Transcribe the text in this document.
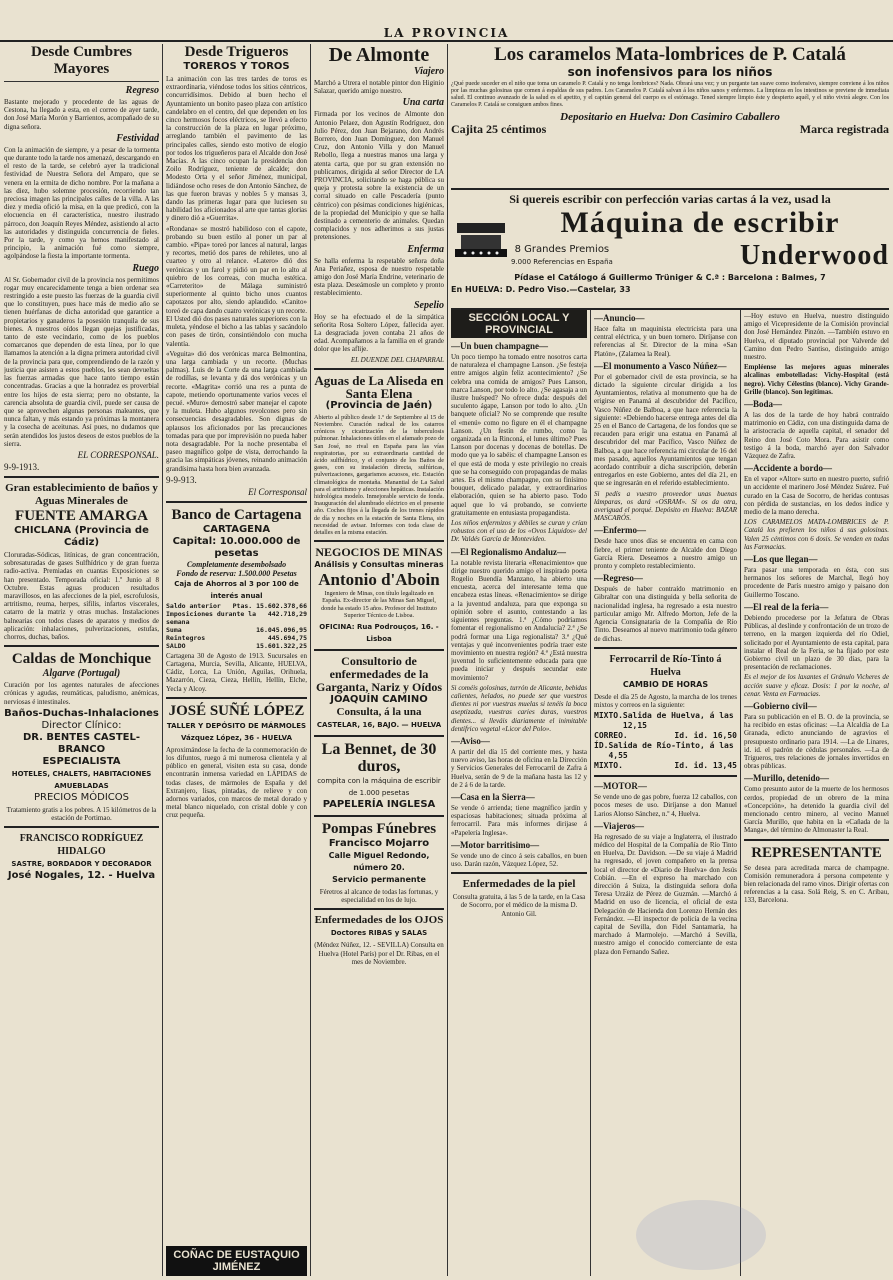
LA PROVINCIA
Desde Cumbres Mayores
Regreso

Bastante mejorado y procedente de las aguas de Cestona, ha llegado a esta, en el correo de ayer tarde, don José María Morón y Barrientos, acompañado de su digna señora.

Festividad

Con la animación de siempre, y a pesar de la tormenta que durante todo la tarde nos amenazó, descargando en el resto de la tarde, se celebró ayer la tradicional festividad de Nuestra Señora del Amparo, que se venera en la ermita de dicho nombre. Por la mañana a las diez, hubo solemne procesión, recorriendo tan preciosa imagen las principales calles de la villa. A las diez y media ofició la misa, en la que predicó, con la elocuencia en él característica, nuestro ilustrado párroco, don Joaquín Reyes Méndez, asistiendo al acto las autoridades y distinguida concurrencia de fieles. Por la tarde, y como ya hemos manifestado al principio, la animación fué como siempre, agolpándose la fiesta la importante tormenta.

Ruego

Al Sr. Gobernador civil de la provincia nos permitimos rogar muy encarecidamente tenga a bien ordenar sea restringido a este puesto las fuerzas de la guardia civil que lo constituyen, pues hace más de medio año se tienen huérfanas de dicha autoridad que garantice a propietarios y ganaderos la posesión tranquila de sus bienes. A nuestros oídos llegan quejas justificadas, tanto de este vecindario, como de los pueblos comarcanos que dependen de esta línea, por lo que llamamos la atención a la digna primera autoridad civil de la provincia para que, comprendiendo de la razón y justicia que asisten a estos pueblos, les sean devueltas las fuerzas armadas que hace tanto tiempo están concentradas. Gracias a que la honradez es proverbial entre los hijos de esta sierra; pero no obstante, la carencia absoluta de guardia civil, puede ser causa de que se aprovechen algunas personas maleantes, que nunca faltan, y más estando ya próximas la montanera y la cosecha de aceitunas. Así pues, no dudamos que serán atendidos los justos deseos de estos pueblos de la sierra.

EL CORRESPONSAL.
9-9-1913.
Gran establecimiento de baños y Aguas Minerales de
FUENTE AMARGA
CHICLANA (Provincia de Cádiz)

Cloruradas-Sódicas, litínicas, de gran concentración, sobresaturadas de gases Sulfhídrico y de gran fuerza radio-activa. Premiadas en cuantas Exposiciones se han presentado. Temporada oficial: 1.º Junio al 8 Octubre. Estas aguas producen resultados maravillosos, en las afecciones de la piel, escrofulosis, artritismo, reuma, herpes, sífilis, infartos viscerales, catarro de la matriz y otras muchas. Instalaciones balnearias con todos clases de aparatos y medios de aplicación: inhalaciones, pulverizaciones, estufas, chorros, duchas, baños.

Caldas de Monchique
Algarve (Portugal)

Curación por los agentes naturales de afecciones crónicas y agudas, reumáticas, paludismo, anémicas, nerviosas é intestinales.

Baños-Duchas-Inhalaciones
Director Clínico:
DR. BENTES CASTEL-BRANCO
ESPECIALISTA
HOTELES, CHALETS, HABITACIONES AMUEBLADAS
PRECIOS MÓDICOS

Tratamiento gratis a los pobres. A 15 kilómetros de la estación de Portimao.

FRANCISCO RODRÍGUEZ HIDALGO
SASTRE, BORDADOR Y DECORADOR
José Nogales, 12. - Huelva
Desde Trigueros
TOREROS Y TOROS

La animación con las tres tardes de toros es extraordinaria, viéndose todos los sitios céntricos, concurridísimos. Debido al buen hecho el Ayuntamiento un bonito paseo plaza con artístico candelabro en el centro, del que dependen en los cinco hermosos focos eléctricos, se llevó a efecto la construcción de la plaza en lugar próximo, arreglando también el pavimento de las principales calles, siendo esto motivo de elogio por todos los trigueñeros para el Alcalde don José Macías. A las cinco ocupan la presidencia don Zoilo Rodríguez, teniente de alcalde; don Modesto Orta y el señor Jiménez, municipal, lidiándose ocho reses de don Antonio Sánchez, de las que fueron bravas y nobles 5 y mansas 3, dando las primeras lugar para que luciesen su habilidad los aficionados al arte que tantas glorias y dinero dió a «Guerrita».

«Rondana» se mostró habilidoso con el capote, probando su buen estilo al poner un par al cambio. «Pipa» toreó por lances al natural, largas y recortes, metió dos pares de rehiletes, uno al cuarteo y otro al relance. «Latero» dió dos verónicas y un farol y pidió un par en lo alto al quiebro de los correas, con mucha estética. «Carreterito» de Málaga suministró superiormente al quinto bicho unos cuantos capotazos por alto, siendo aplaudido. «Canito» toreó de capa dando cuatro verónicas y un recorte. El Usted dió dos pases naturales superiores con la muleta, yéndose el bicho a las tablas y sacándolo con pases de tirón, consintiéndolo con mucha valentía.

«Veguita» dió dos verónicas marca Belmontina, una larga cambiada y un recorte. (Muchas palmas). Luis de la Corte da una larga cambiada de rodillas, se levanta y dá dos verónicas y un recorte. «Magrita» corrió una res a punta de capote, metiendo oportunamente varios veces el pecué. «Muro» demostró saber manejar el capote y la muleta. Hubo algunos revolcones pero sin consecuencias desagradables. Son dignas de aplausos los aficionados por las precauciones tomadas para que por imprevisión no pueda haber nota desagradable. Por la noche presentaba el paseo magnífico golpe de vista, derrochando la gracia las simpáticas jóvenes, reinando animación grandísima hasta hora bien avanzada.

9-9-913.
El Corresponsal
Banco de Cartagena
CARTAGENA
Capital: 10.000.000 de pesetas
Completamente desembolsado
Fondo de reserva: 1.500.000 Pesetas
Caja de Ahorros al 3 por 100 de interés anual
Saldo anterior Ptas. 15.602.378,66
Imposiciones durante la semana
442.718,29
Suma	16.045.096,95
Reintegros	445.694,75
SALDO	15.601.322,25

Cartagena 30 de Agosto de 1913. Sucursales en Cartagena, Murcia, Sevilla, Alicante, HUELVA, Cádiz, Lorca, La Unión, Aguilas, Orihuela, Mazarrón, Cieza, Cieza, Hellín, Hellín, Elche, Yecla y Alcoy.

JOSÉ SUÑÉ LÓPEZ
TALLER Y DEPÓSITO DE MÁRMOLES
Vázquez López, 36 - HUELVA

Aproximándose la fecha de la conmemoración de los difuntos, ruego á mi numerosa clientela y al público en general, visiten esta su casa, donde encontrarán inmensa variedad en LÁPIDAS de todas clases, de mármoles de España y del Extranjero, lisas, pintadas, de relieve y con adornos variados, con marcos de metal dorado y metal blanco niquelado, con cristal doble y con cruz pequeña.

COÑAC DE EUSTAQUIO JIMÉNEZ
De Almonte
Viajero

Marchó a Utrera el notable pintor don Higinio Salazar, querido amigo nuestro.

Una carta

Firmada por los vecinos de Almonte don Antonio Pelaez, don Agustín Rodríguez, don Julio Pérez, don Juan Bejarano, don Andrés Borrero, don Juan Domínguez, don Manuel Cruz, don Antonio Villa y don Manuel Rebollo, llega a nuestras manos una larga y atenta carta, que por su gran extensión no publicamos, dirigida al señor Director de LA PROVINCIA, solicitando se haga pública su queja y protesta sobre la existencia de un corral situado en calle Pescadería (punto céntrico) con pésimas condiciones higiénicas, de la propiedad del Municipio y que se halla destinado a cementerio de animales. Quedan complacidos y nos adherimos a sus justas pretensiones.

Enferma

Se halla enferma la respetable señora doña Ana Periañez, esposa de nuestro respetable amigo don José María Endrine, veterinario de esta plaza. Deseámosle un completo y pronto restablecimiento.

Sepelio

Hoy se ha efectuado el de la simpática señorita Rosa Soltero López, fallecida ayer. La desgraciada joven contaba 21 años de edad. Acompañamos a la familia en el grande dolor que les aflije.

EL DUENDE DEL CHAPARRAL
Aguas de La Aliseda en Santa Elena
(Provincia de Jaén)

Abierto al público desde 1.º de Septiembre al 15 de Noviembre. Curación radical de los catarros crónicos y cicatrización de la tuberculosis pulmonar. Inhalaciones útiles en el afamado pozo de San José, no rival en España para las vías respiratorias, por su extraordinaria cantidad de ácido sulfhídrico, y el conjunto de los Baños de gases, con su instalación directa, sulfúricas, pulverizaciones, gargarismos acuosos, etc. Estación climatológica de montaña. Manantial de La Salud para el artritismo y afecciones hepáticas. Instalación hidrológica modelo. Inmejorable servicio de fonda. Inauguración del alumbrado eléctrico en el presente año. Coches fijos á la llegada de los trenes rápidos de día y noches en la estación de Santa Elena, sin necesidad de avisar. Informes con toda clase de detalles en la misma estación.

NEGOCIOS DE MINAS
Análisis y Consultas mineras
Antonio d'Aboin

Ingeniero de Minas, con título legalizado en España. Ex-director de las Minas San Miguel, donde ha estado 15 años. Profesor del Instituto Superior Técnico de Lisboa.

OFICINA: Rua Podrouços, 16. - Lisboa
Consultorio de enfermedades de la Garganta, Nariz y Oídos
JOAQUÍN CAMINO
Consulta, á la una
CASTELAR, 16, BAJO. — HUELVA
La Bennet, de 30 duros,
compita con la máquina de escribir de 1.000 pesetas
PAPELERÍA INGLESA
Pompas Fúnebres
Francisco Mojarro
Calle Miguel Redondo, número 20.
Servicio permanente

Féretros al alcance de todas las fortunas, y especialidad en los de lujo.

Enfermedades de los OJOS
Doctores RIBAS y SALAS

(Méndez Núñez, 12. - SEVILLA) Consulta en Huelva (Hotel París) por el Dr. Ribas, en el mes de Noviembre.

Los caramelos Mata-lombrices de P. Catalá
son inofensivos para los niños

¿Qué puede suceder en el niño que toma un caramelo P. Catalá y no tenga lombrices? Nada. Obrará una vez; y un purgante tan suave como inofensivo, siempre conviene á los niños por las muchas golosinas que comen á espaldas de sus padres. Los Caramelos P. Catalá salvan á los niños sanos y enfermos. La limpieza en los intestinos se previene de inmediata salud. El continuo avanzado de la salud es el apetito, y el capitán general del cuerpo es el estómago. Tened siempre limpio éste y despierto aquél, y el niño vivirá alegre. Con los Caramelos P. Catalá se consiguen ambos fines.

Depositario en Huelva: Don Casimiro Caballero
Cajita 25 céntimos	Marca registrada
Si quereis escribir con perfección varias cartas á la vez, usad la
Máquina de escribir
8 Grandes Premios
9.000 Referencias en España	Underwood
Pídase el Catálogo á Guillermo Trüniger & C.ª : Barcelona : Balmes, 7
En HUELVA: D. Pedro Viso.—Castelar, 33
SECCIÓN LOCAL Y PROVINCIAL
—Un buen champagne—

Un poco tiempo ha tomado entre nosotros carta de naturaleza el champagne Lanson. ¿Se festeja entre amigos algún feliz acontecimiento? ¿Se celebra una comida de amigos? Pues Lanson, marca Lanson, por todo lo alto. ¿Se agasaja a un ilustre huésped? No ofrece duda: después del suculento ágape, Lanson por todo lo alto. ¿Un banquete oficial? No se comprende que resulte el «menú» como no figure en él el champagne Lanson. ¿Un festín de rumbo, como la organizada en la Rinconá, el lunes último? Pues Lanson por docenas y docenas de botellas. De modo que ya lo sabéis: el champagne Lanson es el que está de moda y este privilegio no creais que se ha conseguido con propagandas de malas artes. Es el mismo champagne, con su finísimo bouquet, delicado paladar, y extraordinarios elaboración, quien se ha abierto paso. Todo aquel que lo vá probando, se convierte gratuitamente en entusiasta propagandista.

Los niños enfermizos y débiles se curan y crían robustos con el uso de los «Ovos Liquidos» del Dr. Valdés García de Montevideo.

—El Regionalismo Andaluz—

La notable revista literaria «Renacimiento» que dirige nuestro querido amigo el inspirado poeta Rogelio Buendía Manzano, ha abierto una encuesta, acerca del interesante tema que encabeza estas líneas. «Renacimiento» se dirige a la juventud andaluza, para que exponga su opinión sobre el asunto, contestando a las siguientes preguntas. 1.ª ¿Cómo podríamos fomentar el regionalismo en Andalucía? 2.ª ¿Se podrá formar una Liga regionalista? 3.ª ¿Qué ventajas y qué inconvenientes podría traer este movimiento en nuestra región? 4.ª ¿Está nuestra juventud lo suficientemente educada para que pueda iniciar y después secundar este movimiento?

Si coméis golosinas, turrón de Alicante, bebidas calientes, helados, no puede ser que vuestros dientes ni por vuestras muelas si tenéis la boca aseptizada, vuestras caries duras, vuestros dientes... si lleváis diariamente el inimitable dentífrico vegetal «Licor del Polo».

—Aviso—

A partir del día 15 del corriente mes, y hasta nuevo aviso, las horas de oficina en la Dirección y Servicios Generales del Ferrocarril de Zafra á Huelva, serán de 9 de la mañana hasta las 12 y de 2 á 6 de la tarde.

—Casa en la Sierra—

Se vende ó arrienda; tiene magnífico jardín y espaciosas habitaciones; situada próxima al ferrocarril. Para más informes dirijase á «Papelería Inglesa».

—Motor barritisimo—

Se vende uno de cinco á seis caballos, en buen uso. Darán razón, Vázquez López, 52.

Enfermedades de la piel

Consulta gratuita, á las 5 de la tarde, en la Casa de Socorro, por el médico de la misma D. Antonio Gil.

—Anuncio—

Hace falta un maquinista electricista para una central eléctrica, y un buen tornero. Diríjanse con referencias al Sr. Director de la mina «San Platón», (Zalamea la Real).

—El monumento a Vasco Núñez—

Por el gobernador civil de esta provincia, se ha dictado la siguiente circular dirigida a los Ayuntamientos, relativa al monumento que ha de erigirse en Panamá al descubridor del Pacífico, Vasco Núñez de Balboa, a que hace referencia la siguiente: «Debiendo hacerse entrega antes del día 25 en el Banco de Cartagena, de los fondos que se recauden para erigir una estatua en Panamá al descubridor del mar Pacífico, Vasco Núñez de Balboa, a que hace referencia mi circular de 16 del mes pasado, aquellos Ayuntamientos que tengan acordado contribuir a dicha suscripción, deberán entregarlos en este Gobierno, antes del día 21, en que se ingresarán en el referido establecimiento.

Si pedís a vuestro proveedor unas buenas lámparas, os dará «OSRAM». Si os da otra, averiguad el porqué. Depósito en Huelva: BAZAR MASCARÓS.

—Enfermo—

Desde hace unos días se encuentra en cama con fiebre, el primer teniente de Alcalde don Diego García Riera. Deseamos a nuestro amigo un pronto y completo restablecimiento.

—Regreso—

Después de haber contraído matrimonio en Gibraltar con una distinguida y bella señorita de nacionalidad inglesa, ha regresado a esta nuestro particular amigo Mr. Alfredo Morton, Jefe de la Agencia Consignataria de la Compañía de Río Tinto. Deseamos al nuevo matrimonio toda género de dichas.

Ferrocarril de Río-Tinto á Huelva
CAMBIO DE HORAS

Desde el día 25 de Agosto, la marcha de los trenes mixtos y correos en la siguiente:

MIXTO. Salida de Huelva, á las 12,15
CORREO.	Id. id. 16,50
ÍD. Salida de Río-Tinto, á las 4,55
MIXTO.	Id. id. 13,45
—MOTOR—

Se vende uno de gas pobre, fuerza 12 caballos, con pocos meses de uso. Diríjanse a don Manuel Larios Alonso Sánchez, n.º 4, Huelva.

—Viajeros—

Ha regresado de su viaje a Inglaterra, el ilustrado médico del Hospital de la Compañía de Río Tinto en Huelva, Dr. Davidson. —De su viaje á Madrid ha regresado, el joven compañero en la prensa local el director de «Diario de Huelva» don Jesús Cobián. —En el expreso ha marchado con dirección á Suiza, la distinguida señora doña Teresa Urzáiz de Pérez de Guzmán. —Marchó á Madrid en uso de licencia, el oficial de esta Delegación de Hacienda don Lorenzo Hernán des Fernández. —El inspector de policía de la vecina capital de Sevilla, don Fidel Santamaría, ha marchado á Marmolejo. —Marchó á Sevilla, nuestro amigo el conocido comerciante de esta plaza don Fernando Sañez.

—Hoy estuvo en Huelva, nuestro distinguido amigo el Vicepresidente de la Comisión provincial don José Hernández Pinzón. —También estuvo en Huelva, el diputado provincial por Valverde del Camino don Pedro Santiso, distinguido amigo nuestro.

Empléense las mejores aguas minerales alcalinas embotelladas: Vichy-Hospital (está negro). Vichy Célestins (blanco). Vichy Grande-Grille (blanco). Son legítimas.

—Boda—

A las dos de la tarde de hoy habrá contraído matrimonio en Cádiz, con una distinguida dama de la aristocracia de aquella capital, el senador del Reino don José Coto Mora. Para asistir como testigo á la boda, marchó ayer don Salvador Vázquez de Zafra.

—Accidente a bordo—

En el vapor «Altor» surto en nuestro puerto, sufrió un accidente el marinero José Méndez Suárez. Fué curado en la Casa de Socorro, de heridas contusas con pérdida de sustancias, en los dedos índice y medio de la mano derecha.

LOS CARAMELOS MATA-LOMBRICES de P. Catalá los prefieren los niños á sus golosinas. Valen 25 céntimos con 6 dosis. Se venden en todas las Farmacias.

—Los que llegan—

Para pasar una temporada en ésta, con sus hermanos los señores de Marchal, llegó hoy procedente de París nuestro amigo y paisano don Guillermo Toscano.

—El real de la feria—

Debiendo procederse por la Jefatura de Obras Públicas, al deslinde y confrontación de un trozo de terreno, en la margen izquierda del río Odiel, solicitado por el Ayuntamiento de esta capital, para instalar el Real de la Feria, se ha fijado por este Gobierno civil un plazo de 30 días, para la presentación de reclamaciones.

Es el mejor de los laxantes el Gránulo Vicheres de acción suave y eficaz. Dosis: 1 por la noche, al cenar. Venta en Farmacias.

—Gobierno civil—

Para su publicación en el B. O. de la provincia, se ha recibido en estas oficinas: —La Alcaldía de La Granada, edicto anunciando de agravios el presupuesto ordinario para 1914. —La de Linares, id. id. el padrón de cédulas personales. —La de Trigueros, tres relaciones de jornales invertidos en obras públicas.

—Murillo, detenido—

Como presunto autor de la muerte de los hermosos cerdos, propiedad de un obrero de la mina «Concepción», ha detenido la guardia civil del mencionado centro minero, al vecino Manuel García Murillo, que habita en la «Cañada de la Manga», del término de Almonaster la Real.

REPRESENTANTE

Se desea para acreditada marca de champagne. Comisión remuneradora á persona competente y bien relacionada del ramo vinos. Dirigir ofertas con referencias a la casa. Solá Reig, S. en C. Aribau, 133, Barcelona.
